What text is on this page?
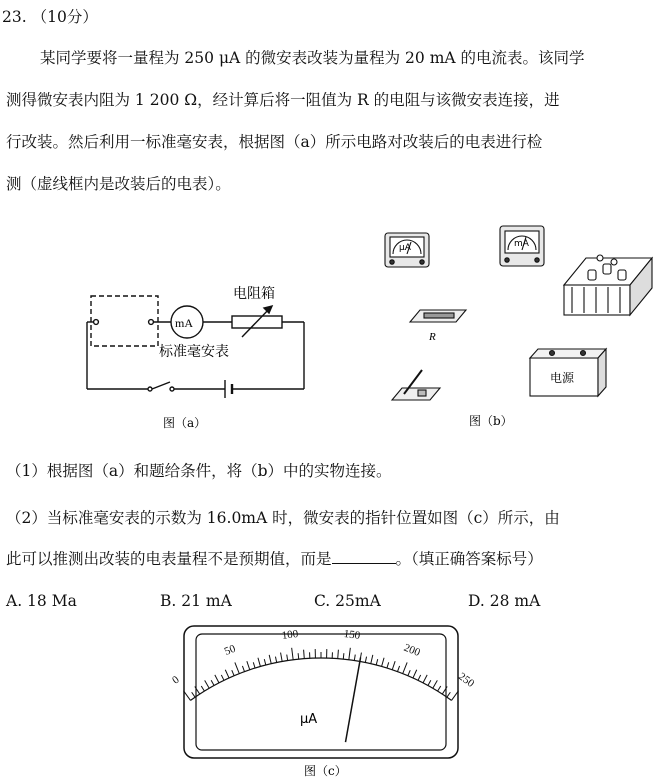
23. （10分）
某同学要将一量程为 250 μA 的微安表改装为量程为 20 mA 的电流表。该同学
测得微安表内阻为 1 200 Ω，经计算后将一阻值为 R 的电阻与该微安表连接，进
行改装。然后利用一标准毫安表，根据图（a）所示电路对改装后的电表进行检
测（虚线框内是改装后的电表）。
（1）根据图（a）和题给条件，将（b）中的实物连接。
（2）当标准毫安表的示数为 16.0mA 时，微安表的指针位置如图（c）所示，由
此可以推测出改装的电表量程不是预期值，而是	。（填正确答案标号）
A. 18 Ma	B. 21 mA	C. 25mA	D. 28 mA
mA
电阻箱
标准毫安表
图（a）
μA	mA
R
电源
图（b）
0
50
100	150
200
250
μA
图（c）
